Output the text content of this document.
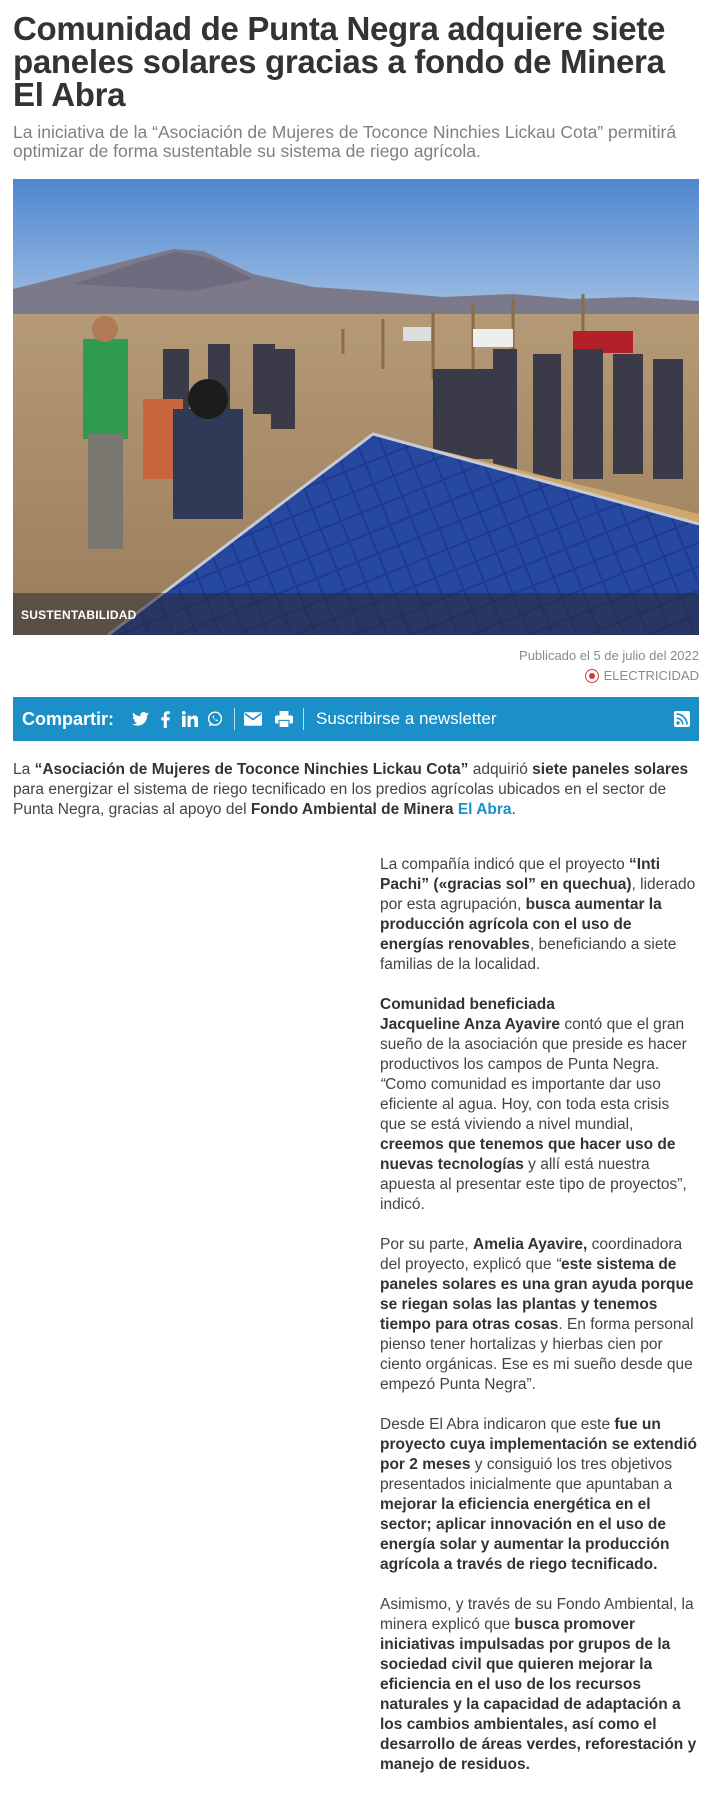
Comunidad de Punta Negra adquiere siete paneles solares gracias a fondo de Minera El Abra

La iniciativa de la “Asociación de Mujeres de Toconce Ninchies Lickau Cota” permitirá optimizar de forma sustentable su sistema de riego agrícola.

SUSTENTABILIDAD
Publicado el 5 de julio del 2022
ELECTRICIDAD
Compartir:	Suscribirse a newsletter

La “Asociación de Mujeres de Toconce Ninchies Lickau Cota” adquirió siete paneles solares para energizar el sistema de riego tecnificado en los predios agrícolas ubicados en el sector de Punta Negra, gracias al apoyo del Fondo Ambiental de Minera El Abra.

La compañía indicó que el proyecto “Inti Pachi” («gracias sol” en quechua), liderado por esta agrupación, busca aumentar la producción agrícola con el uso de energías renovables, beneficiando a siete familias de la localidad.

Comunidad beneficiada
Jacqueline Anza Ayavire contó que el gran sueño de la asociación que preside es hacer productivos los campos de Punta Negra. “Como comunidad es importante dar uso eficiente al agua. Hoy, con toda esta crisis que se está viviendo a nivel mundial, creemos que tenemos que hacer uso de nuevas tecnologías y allí está nuestra apuesta al presentar este tipo de proyectos”, indicó.

Por su parte, Amelia Ayavire, coordinadora del proyecto, explicó que “este sistema de paneles solares es una gran ayuda porque se riegan solas las plantas y tenemos tiempo para otras cosas. En forma personal pienso tener hortalizas y hierbas cien por ciento orgánicas. Ese es mi sueño desde que empezó Punta Negra”.

Desde El Abra indicaron que este fue un proyecto cuya implementación se extendió por 2 meses y consiguió los tres objetivos presentados inicialmente que apuntaban a mejorar la eficiencia energética en el sector; aplicar innovación en el uso de energía solar y aumentar la producción agrícola a través de riego tecnificado.

Asimismo, y través de su Fondo Ambiental, la minera explicó que busca promover iniciativas impulsadas por grupos de la sociedad civil que quieren mejorar la eficiencia en el uso de los recursos naturales y la capacidad de adaptación a los cambios ambientales, así como el desarrollo de áreas verdes, reforestación y manejo de residuos.
